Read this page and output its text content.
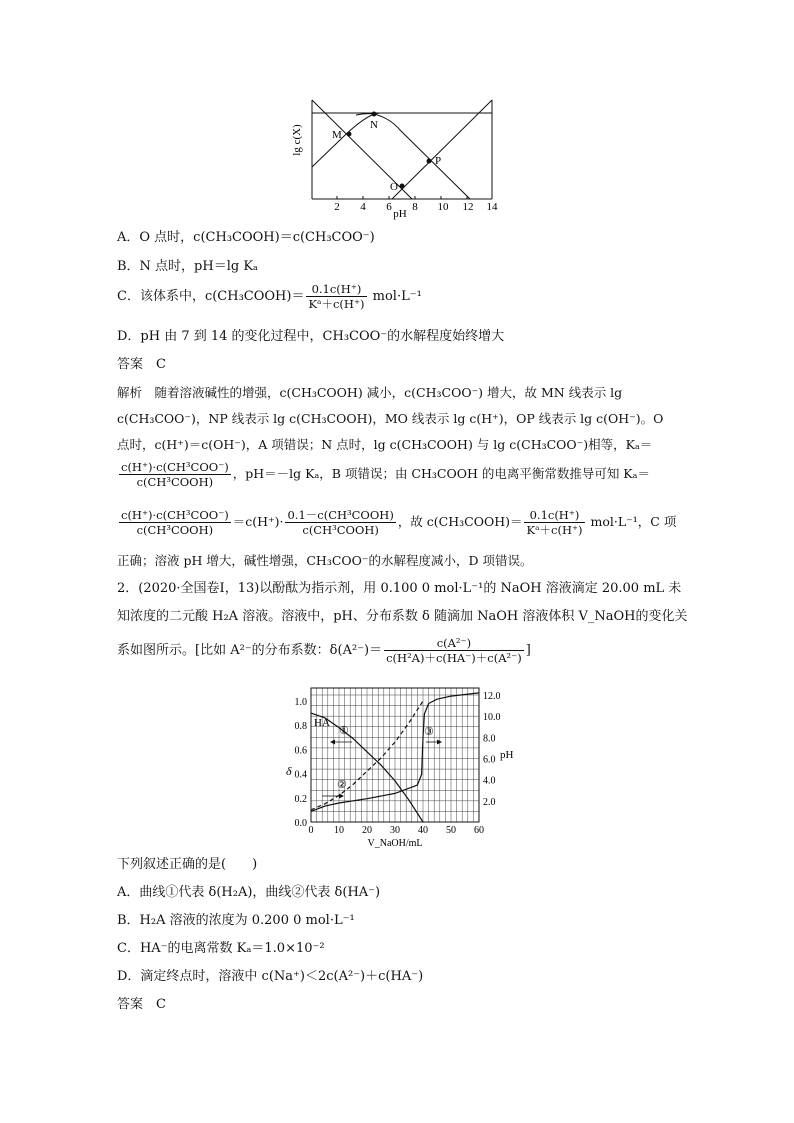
M
N
O
P
2 4 6 8 10 12 14
pH
lg c(X)
A．O 点时，c(CH₃COOH)＝c(CH₃COO⁻)
B．N 点时，pH＝lg Kₐ
C．该体系中，c(CH₃COOH)＝ $\frac{0.1c(H^+)}{\text{Kᵃ＋c(H⁺)}} mol\cdot L^{-1}$
D．pH 由 7 到 14 的变化过程中，CH₃COO⁻的水解程度始终增大
答案　C
解析　随着溶液碱性的增强，c(CH₃COOH) 减小，c(CH₃COO⁻) 增大，故 MN 线表示 lg
c(CH₃COO⁻)，NP 线表示 lg c(CH₃COOH)，MO 线表示 lg c(H⁺)，OP 线表示 lg c(OH⁻)。O
点时，c(H⁺)＝c(OH⁻)，A 项错误；N 点时，lg c(CH₃COOH) 与 lg c(CH₃COO⁻)相等，Kₐ＝
$\frac{\text{c(H⁺)·c(CH³COO⁻)}}{\text{c(CH³COOH)}}$ ，pH＝－lg Kₐ，B 项错误；由 CH₃COOH 的电离平衡常数推导可知 Kₐ＝
$\frac{\text{c(H⁺)·c(CH³COO⁻)}}{\text{c(CH³COOH)}} =c(H^+)\cdot \frac{\text{0.1－c(CH³COOH)}}{\text{c(CH³COOH)}}$ ，故 c(CH₃COOH)＝ $\frac{0.1c(H^+)}{\text{Kᵃ＋c(H⁺)}} mol\cdot L^{-1}$，C 项
正确；溶液 pH 增大，碱性增强，CH₃COO⁻的水解程度减小，D 项错误。
2．(2020·全国卷Ⅰ，13)以酚酞为指示剂，用 0.100 0 mol·L⁻¹的 NaOH 溶液滴定 20.00 mL 未
知浓度的二元酸 H₂A 溶液。溶液中，pH、分布系数 δ 随滴加 NaOH 溶液体积 V_NaOH的变化关
系如图所示。[比如 A²⁻的分布系数：$\delta(A^{2-})= \frac{\text{c(A²⁻)}}{\text{c(H²A)＋c(HA⁻)＋c(A²⁻)}}$ ]
0 10 20 30 40 50 60
0.0
0.2
0.4
0.6
0.8
1.0
2.0
4.0
6.0
8.0
10.0
12.0
HA
①
②
③
δ
pH
V_NaOH/mL
下列叙述正确的是(　　)
A．曲线①代表 δ(H₂A)，曲线②代表 δ(HA⁻)
B．H₂A 溶液的浓度为 0.200 0 mol·L⁻¹
C．HA⁻的电离常数 Kₐ＝1.0×10⁻²
D．滴定终点时，溶液中 c(Na⁺)＜2c(A²⁻)＋c(HA⁻)
答案　C
